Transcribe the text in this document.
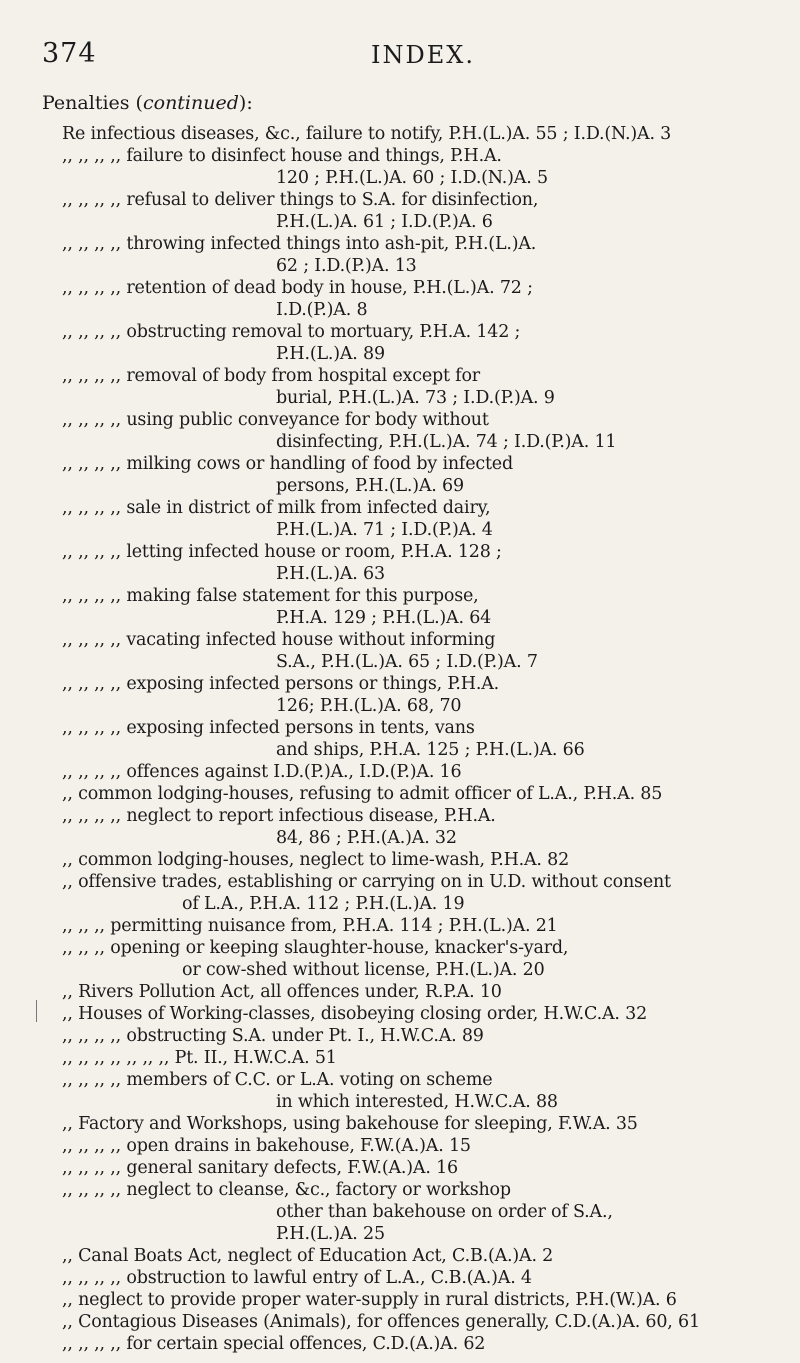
374	INDEX.
Penalties (continued):
Re infectious diseases, &c., failure to notify, P.H.(L.)A. 55 ; I.D.(N.)A. 3
,, ,, ,, ,, failure to disinfect house and things, P.H.A.
120 ; P.H.(L.)A. 60 ; I.D.(N.)A. 5
,, ,, ,, ,, refusal to deliver things to S.A. for disinfection,
P.H.(L.)A. 61 ; I.D.(P.)A. 6
,, ,, ,, ,, throwing infected things into ash-pit, P.H.(L.)A.
62 ; I.D.(P.)A. 13
,, ,, ,, ,, retention of dead body in house, P.H.(L.)A. 72 ;
I.D.(P.)A. 8
,, ,, ,, ,, obstructing removal to mortuary, P.H.A. 142 ;
P.H.(L.)A. 89
,, ,, ,, ,, removal of body from hospital except for
burial, P.H.(L.)A. 73 ; I.D.(P.)A. 9
,, ,, ,, ,, using public conveyance for body without
disinfecting, P.H.(L.)A. 74 ; I.D.(P.)A. 11
,, ,, ,, ,, milking cows or handling of food by infected
persons, P.H.(L.)A. 69
,, ,, ,, ,, sale in district of milk from infected dairy,
P.H.(L.)A. 71 ; I.D.(P.)A. 4
,, ,, ,, ,, letting infected house or room, P.H.A. 128 ;
P.H.(L.)A. 63
,, ,, ,, ,, making false statement for this purpose,
P.H.A. 129 ; P.H.(L.)A. 64
,, ,, ,, ,, vacating infected house without informing
S.A., P.H.(L.)A. 65 ; I.D.(P.)A. 7
,, ,, ,, ,, exposing infected persons or things, P.H.A.
126; P.H.(L.)A. 68, 70
,, ,, ,, ,, exposing infected persons in tents, vans
and ships, P.H.A. 125 ; P.H.(L.)A. 66
,, ,, ,, ,, offences against I.D.(P.)A., I.D.(P.)A. 16
,, common lodging-houses, refusing to admit officer of L.A., P.H.A. 85
,, ,, ,, ,, neglect to report infectious disease, P.H.A.
84, 86 ; P.H.(A.)A. 32
,, common lodging-houses, neglect to lime-wash, P.H.A. 82
,, offensive trades, establishing or carrying on in U.D. without consent
of L.A., P.H.A. 112 ; P.H.(L.)A. 19
,, ,, ,, permitting nuisance from, P.H.A. 114 ; P.H.(L.)A. 21
,, ,, ,, opening or keeping slaughter-house, knacker's-yard,
or cow-shed without license, P.H.(L.)A. 20
,, Rivers Pollution Act, all offences under, R.P.A. 10
,, Houses of Working-classes, disobeying closing order, H.W.C.A. 32
,, ,, ,, ,, obstructing S.A. under Pt. I., H.W.C.A. 89
,, ,, ,, ,, ,, ,, ,, Pt. II., H.W.C.A. 51
,, ,, ,, ,, members of C.C. or L.A. voting on scheme
in which interested, H.W.C.A. 88
,, Factory and Workshops, using bakehouse for sleeping, F.W.A. 35
,, ,, ,, ,, open drains in bakehouse, F.W.(A.)A. 15
,, ,, ,, ,, general sanitary defects, F.W.(A.)A. 16
,, ,, ,, ,, neglect to cleanse, &c., factory or workshop
other than bakehouse on order of S.A.,
P.H.(L.)A. 25
,, Canal Boats Act, neglect of Education Act, C.B.(A.)A. 2
,, ,, ,, ,, obstruction to lawful entry of L.A., C.B.(A.)A. 4
,, neglect to provide proper water-supply in rural districts, P.H.(W.)A. 6
,, Contagious Diseases (Animals), for offences generally, C.D.(A.)A. 60, 61
,, ,, ,, ,, for certain special offences, C.D.(A.)A. 62
